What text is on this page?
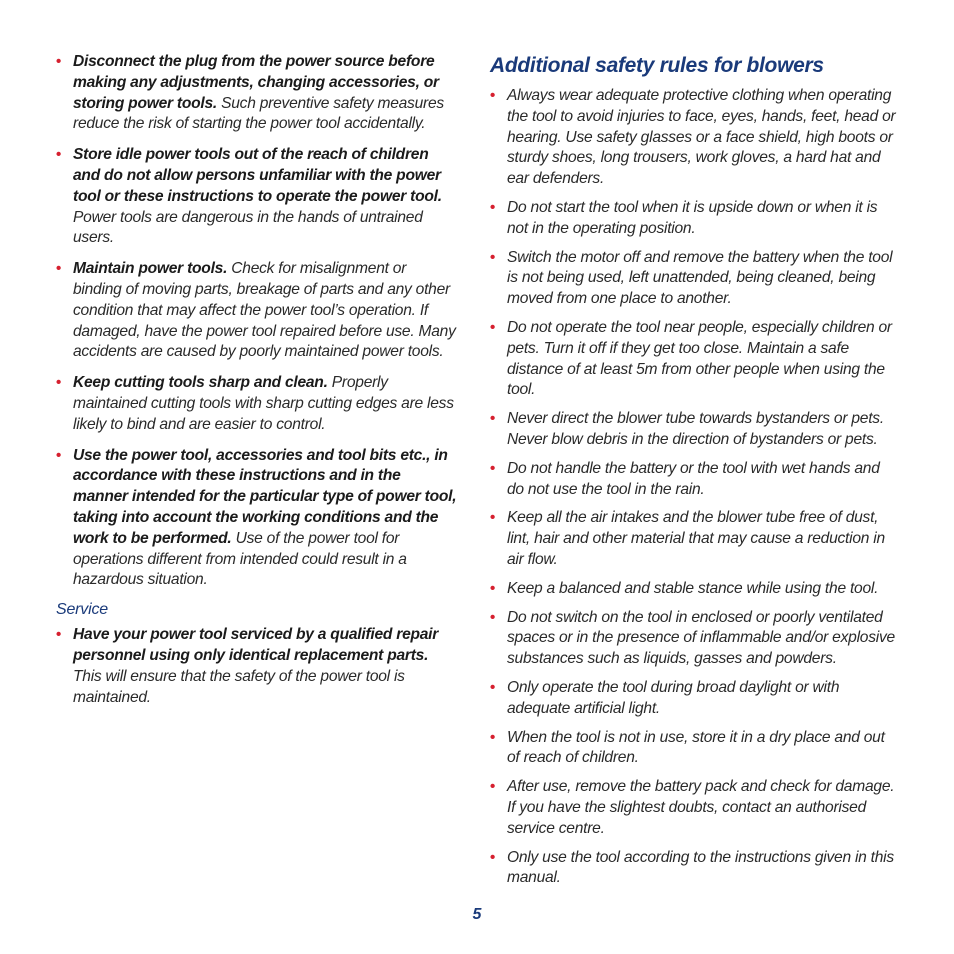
• Disconnect the plug from the power source before making any adjustments, changing accessories, or storing power tools. Such preventive safety measures reduce the risk of starting the power tool accidentally.
• Store idle power tools out of the reach of children and do not allow persons unfamiliar with the power tool or these instructions to operate the power tool. Power tools are dangerous in the hands of untrained users.
• Maintain power tools. Check for misalignment or binding of moving parts, breakage of parts and any other condition that may affect the power tool’s operation. If damaged, have the power tool repaired before use. Many accidents are caused by poorly maintained power tools.
• Keep cutting tools sharp and clean. Properly maintained cutting tools with sharp cutting edges are less likely to bind and are easier to control.
• Use the power tool, accessories and tool bits etc., in accordance with these instructions and in the manner intended for the particular type of power tool, taking into account the working conditions and the work to be performed. Use of the power tool for operations different from intended could result in a hazardous situation.
Service
• Have your power tool serviced by a qualified repair personnel using only identical replacement parts. This will ensure that the safety of the power tool is maintained.
Additional safety rules for blowers
• Always wear adequate protective clothing when operating the tool to avoid injuries to face, eyes, hands, feet, head or hearing. Use safety glasses or a face shield, high boots or sturdy shoes, long trousers, work gloves, a hard hat and ear defenders.
• Do not start the tool when it is upside down or when it is not in the operating position.
• Switch the motor off and remove the battery when the tool is not being used, left unattended, being cleaned, being moved from one place to another.
• Do not operate the tool near people, especially children or pets. Turn it off if they get too close. Maintain a safe distance of at least 5m from other people when using the tool.
• Never direct the blower tube towards bystanders or pets. Never blow debris in the direction of bystanders or pets.
• Do not handle the battery or the tool with wet hands and do not use the tool in the rain.
• Keep all the air intakes and the blower tube free of dust, lint, hair and other material that may cause a reduction in air flow.
• Keep a balanced and stable stance while using the tool.
• Do not switch on the tool in enclosed or poorly ventilated spaces or in the presence of inflammable and/or explosive substances such as liquids, gasses and powders.
• Only operate the tool during broad daylight or with adequate artificial light.
• When the tool is not in use, store it in a dry place and out of reach of children.
• After use, remove the battery pack and check for damage. If you have the slightest doubts, contact an authorised service centre.
• Only use the tool according to the instructions given in this manual.
5
